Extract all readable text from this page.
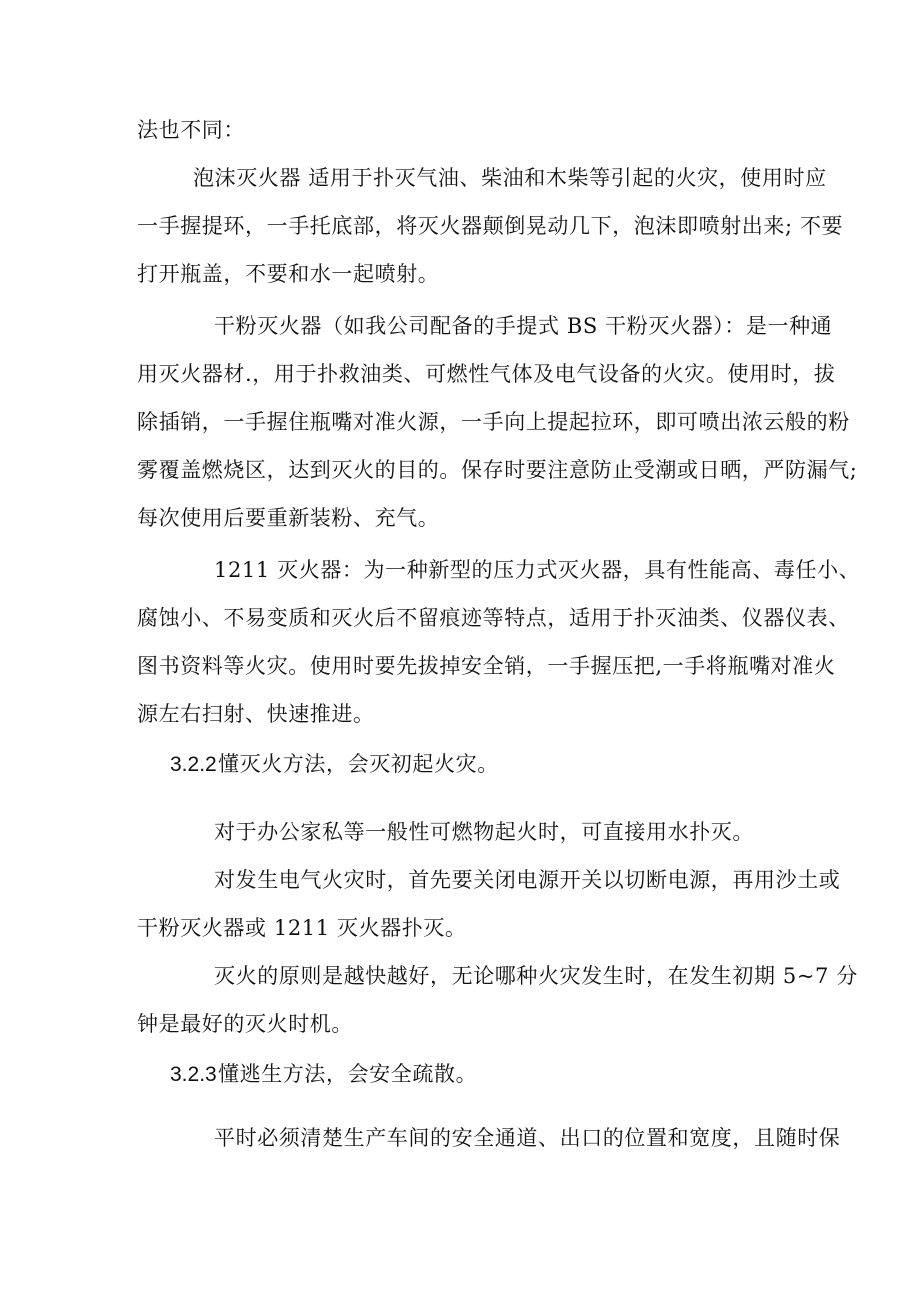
法也不同：
泡沫灭火器 适用于扑灭气油、柴油和木柴等引起的火灾，使用时应
一手握提环，一手托底部，将灭火器颠倒晃动几下，泡沫即喷射出来; 不要
打开瓶盖，不要和水一起喷射。
干粉灭火器（如我公司配备的手提式 BS 干粉灭火器）：是一种通
用灭火器材.，用于扑救油类、可燃性气体及电气设备的火灾。使用时，拔
除插销，一手握住瓶嘴对准火源，一手向上提起拉环，即可喷出浓云般的粉
雾覆盖燃烧区，达到灭火的目的。保存时要注意防止受潮或日晒，严防漏气;
每次使用后要重新装粉、充气。
1211 灭火器：为一种新型的压力式灭火器，具有性能高、毒任小、
腐蚀小、不易变质和灭火后不留痕迹等特点，适用于扑灭油类、仪器仪表、
图书资料等火灾。使用时要先拔掉安全销，一手握压把,一手将瓶嘴对准火
源左右扫射、快速推进。
3.2.2懂灭火方法，会灭初起火灾。
对于办公家私等一般性可燃物起火时，可直接用水扑灭。
对发生电气火灾时，首先要关闭电源开关以切断电源，再用沙土或
干粉灭火器或 1211 灭火器扑灭。
灭火的原则是越快越好，无论哪种火灾发生时，在发生初期 5~7 分
钟是最好的灭火时机。
3.2.3懂逃生方法，会安全疏散。
平时必须清楚生产车间的安全通道、出口的位置和宽度，且随时保
